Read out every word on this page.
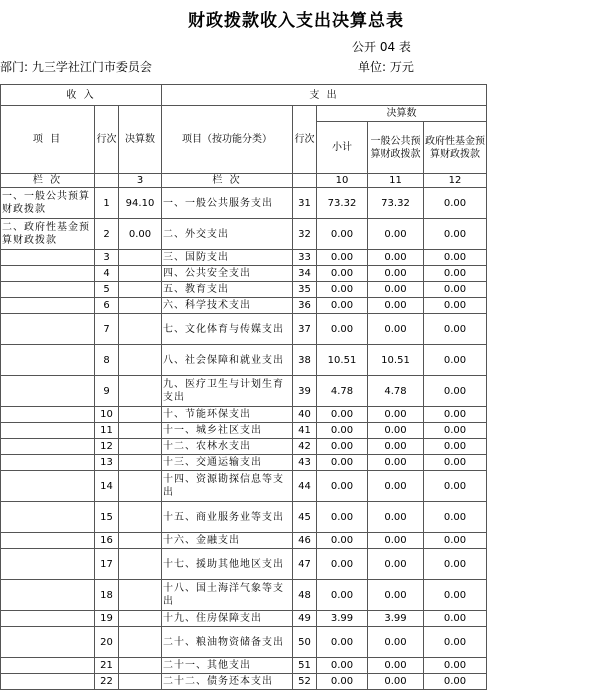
财政拨款收入支出决算总表
公开 04 表
部门: 九三学社江门市委员会	单位: 万元
收 入			支 出				
项 目	行次	决算数	项目（按功能分类）	行次	决算数		
					小计	一般公共预算财政拨款	政府性基金预算财政拨款
栏 次		3	栏 次		10	11	12
一、一般公共预算财政拨款	1	94.10	一、一般公共服务支出	31	73.32	73.32	0.00
二、政府性基金预算财政拨款	2	0.00	二、外交支出	32	0.00	0.00	0.00
	3		三、国防支出	33	0.00	0.00	0.00
	4		四、公共安全支出	34	0.00	0.00	0.00
	5		五、教育支出	35	0.00	0.00	0.00
	6		六、科学技术支出	36	0.00	0.00	0.00
	7		七、文化体育与传媒支出	37	0.00	0.00	0.00
	8		八、社会保障和就业支出	38	10.51	10.51	0.00
	9		九、医疗卫生与计划生育支出	39	4.78	4.78	0.00
	10		十、节能环保支出	40	0.00	0.00	0.00
	11		十一、城乡社区支出	41	0.00	0.00	0.00
	12		十二、农林水支出	42	0.00	0.00	0.00
	13		十三、交通运输支出	43	0.00	0.00	0.00
	14		十四、资源勘探信息等支出	44	0.00	0.00	0.00
	15		十五、商业服务业等支出	45	0.00	0.00	0.00
	16		十六、金融支出	46	0.00	0.00	0.00
	17		十七、援助其他地区支出	47	0.00	0.00	0.00
	18		十八、国土海洋气象等支出	48	0.00	0.00	0.00
	19		十九、住房保障支出	49	3.99	3.99	0.00
	20		二十、粮油物资储备支出	50	0.00	0.00	0.00
	21		二十一、其他支出	51	0.00	0.00	0.00
	22		二十二、债务还本支出	52	0.00	0.00	0.00
